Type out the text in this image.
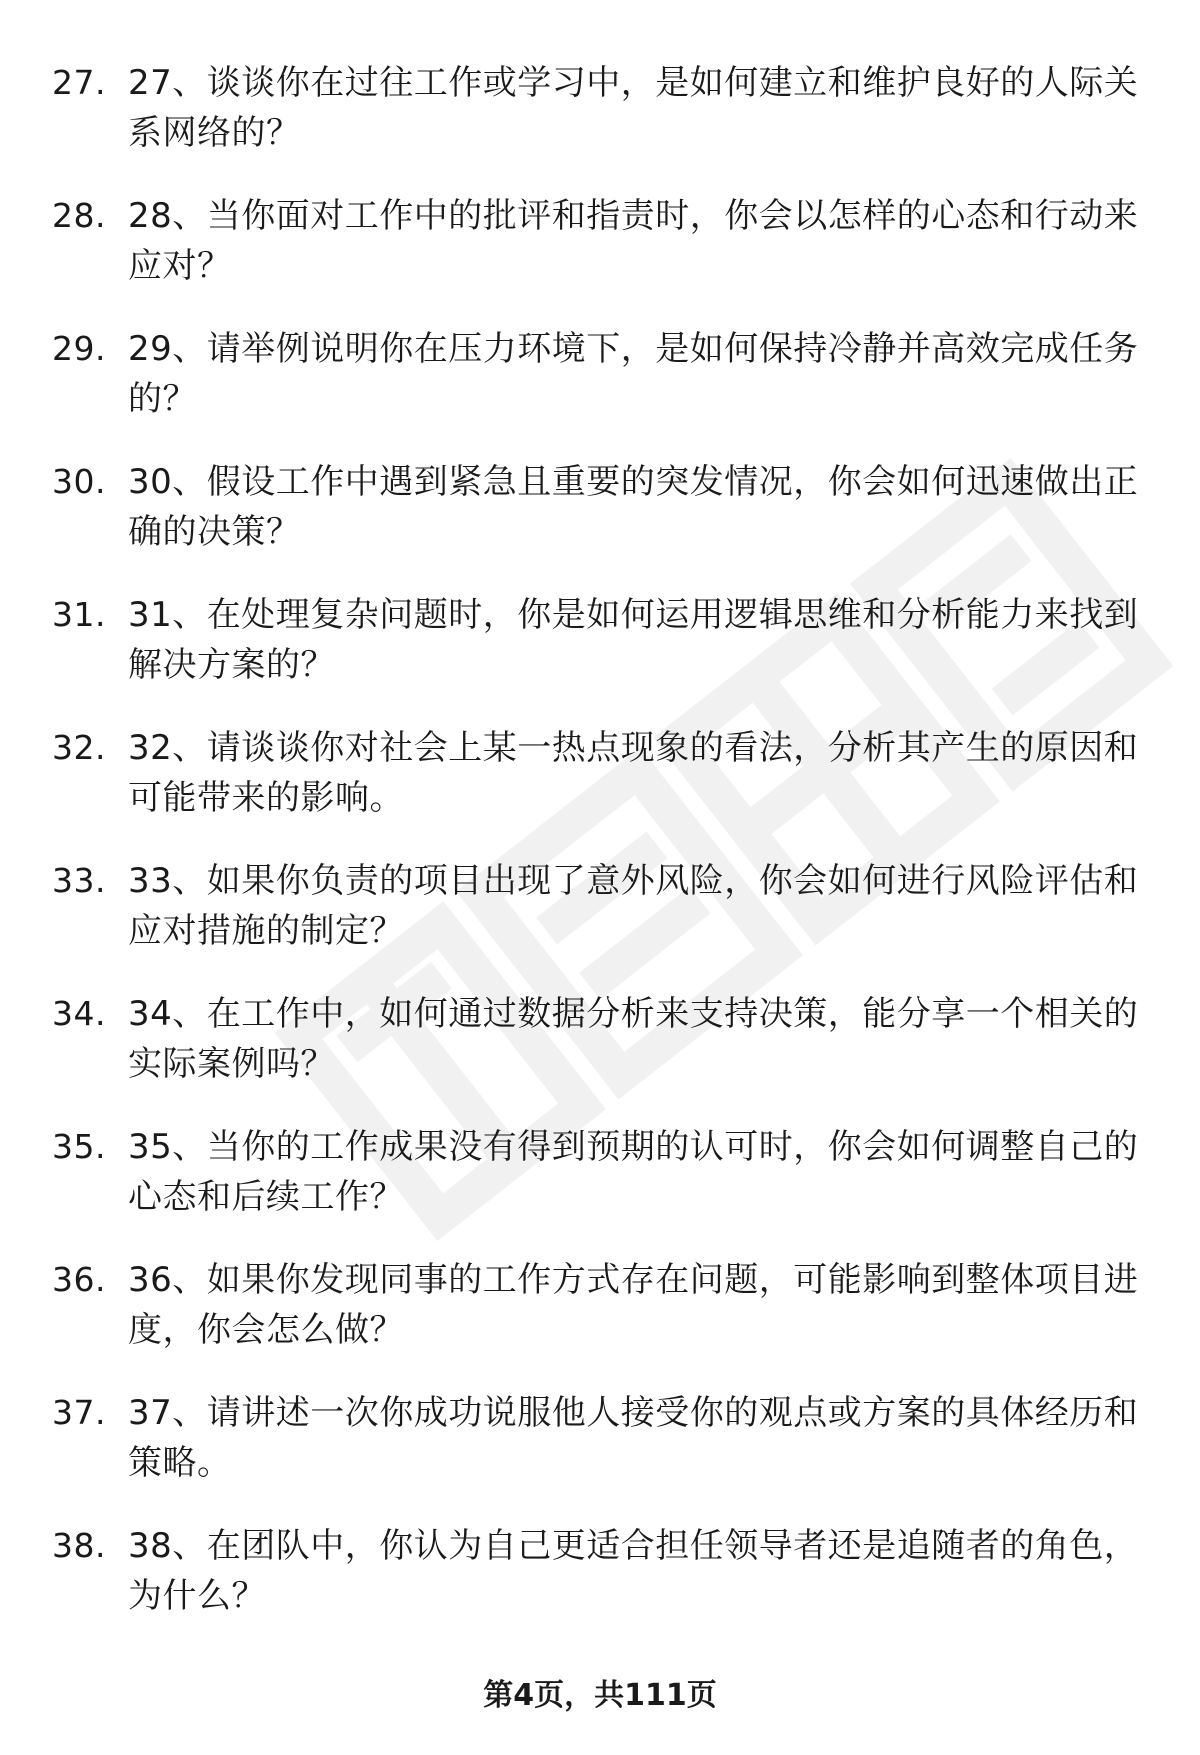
27. 27、谈谈你在过往工作或学习中，是如何建立和维护良好的人际关系网络的？
28. 28、当你面对工作中的批评和指责时，你会以怎样的心态和行动来应对？
29. 29、请举例说明你在压力环境下，是如何保持冷静并高效完成任务的？
30. 30、假设工作中遇到紧急且重要的突发情况，你会如何迅速做出正确的决策？
31. 31、在处理复杂问题时，你是如何运用逻辑思维和分析能力来找到解决方案的？
32. 32、请谈谈你对社会上某一热点现象的看法，分析其产生的原因和可能带来的影响。
33. 33、如果你负责的项目出现了意外风险，你会如何进行风险评估和应对措施的制定？
34. 34、在工作中，如何通过数据分析来支持决策，能分享一个相关的实际案例吗？
35. 35、当你的工作成果没有得到预期的认可时，你会如何调整自己的心态和后续工作？
36. 36、如果你发现同事的工作方式存在问题，可能影响到整体项目进度，你会怎么做？
37. 37、请讲述一次你成功说服他人接受你的观点或方案的具体经历和策略。
38. 38、在团队中，你认为自己更适合担任领导者还是追随者的角色，为什么？
第4页，共111页
